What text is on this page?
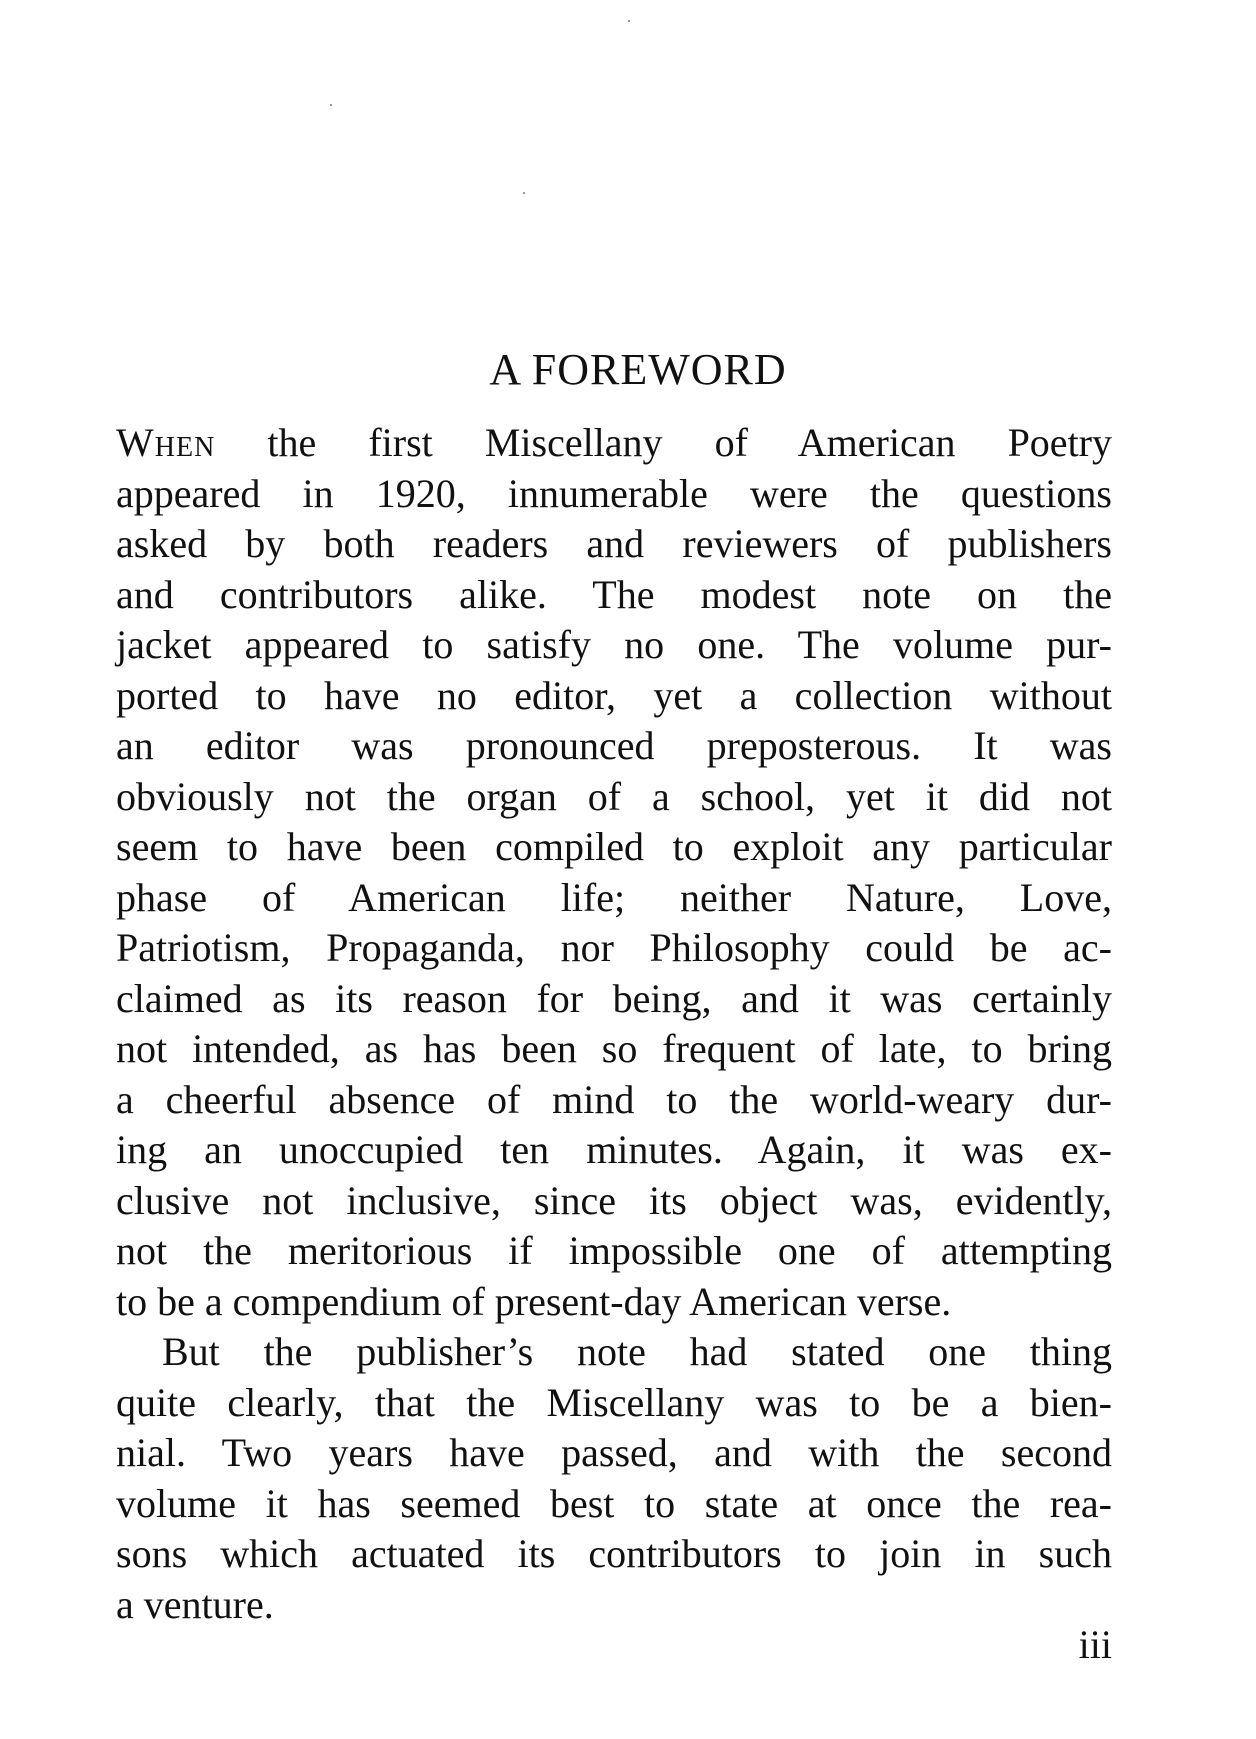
A FOREWORD
When the first Miscellany of American Poetry
appeared in 1920, innumerable were the questions
asked by both readers and reviewers of publishers
and contributors alike. The modest note on the
jacket appeared to satisfy no one. The volume pur-
ported to have no editor, yet a collection without
an editor was pronounced preposterous. It was
obviously not the organ of a school, yet it did not
seem to have been compiled to exploit any particular
phase of American life; neither Nature, Love,
Patriotism, Propaganda, nor Philosophy could be ac-
claimed as its reason for being, and it was certainly
not intended, as has been so frequent of late, to bring
a cheerful absence of mind to the world-weary dur-
ing an unoccupied ten minutes. Again, it was ex-
clusive not inclusive, since its object was, evidently,
not the meritorious if impossible one of attempting
to be a compendium of present-day American verse.
But the publisher’s note had stated one thing
quite clearly, that the Miscellany was to be a bien-
nial. Two years have passed, and with the second
volume it has seemed best to state at once the rea-
sons which actuated its contributors to join in such
a venture.
iii
